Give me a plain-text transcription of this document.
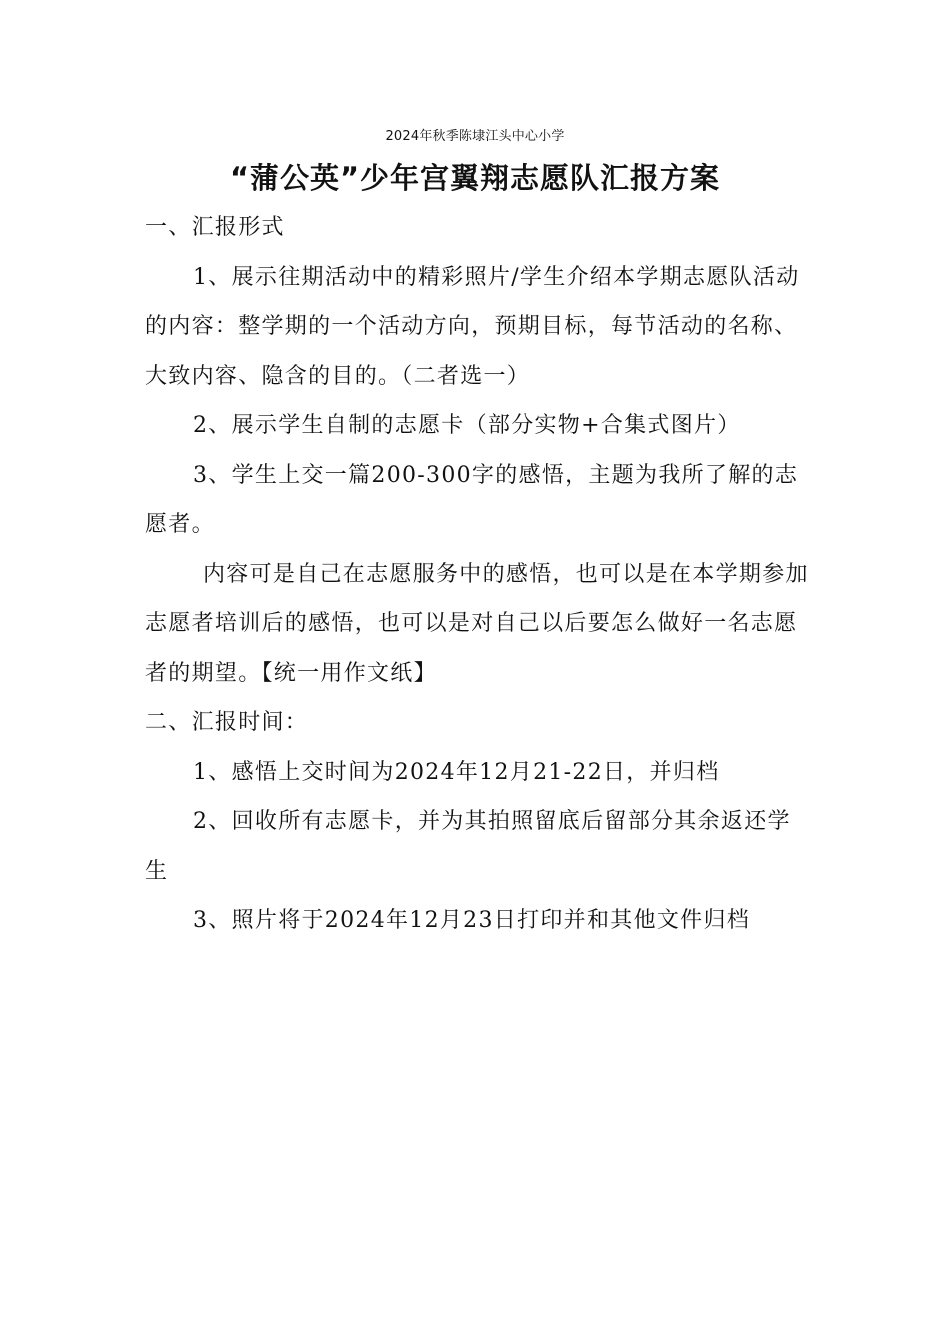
2024年秋季陈埭江头中心小学
“蒲公英”少年宫翼翔志愿队汇报方案

一、汇报形式

1、展示往期活动中的精彩照片/学生介绍本学期志愿队活动的内容：整学期的一个活动方向，预期目标，每节活动的名称、大致内容、隐含的目的。（二者选一）

2、展示学生自制的志愿卡（部分实物+合集式图片）

3、学生上交一篇200-300字的感悟，主题为我所了解的志愿者。

内容可是自己在志愿服务中的感悟，也可以是在本学期参加志愿者培训后的感悟，也可以是对自己以后要怎么做好一名志愿者的期望。【统一用作文纸】

二、汇报时间：

1、感悟上交时间为2024年12月21-22日，并归档

2、回收所有志愿卡，并为其拍照留底后留部分其余返还学生

3、照片将于2024年12月23日打印并和其他文件归档
